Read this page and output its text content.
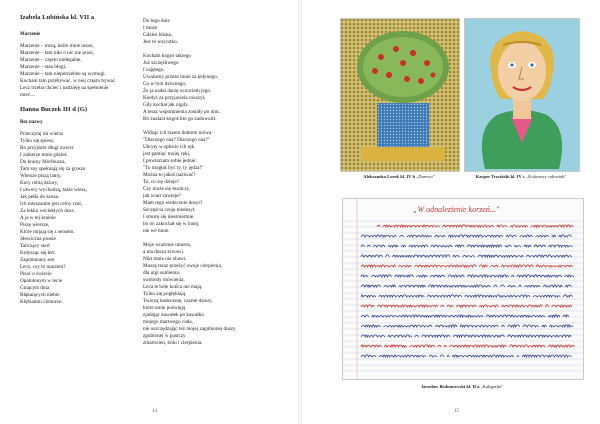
Izabela Lubińska kl. VII a
Marzenie
Marzenie – mrzą, które mnie unosi,
Marzenie – tam nikt o nic nie prosi,
Marzenie – często niełegalne,
Marzenie – stan błogi,
Marzenie – tam niepotrzebne są wymogi.
Kocham tam przebywać, w niej często bywać.
Lecz trzeba chcieć i nadzieję na spełnienie
mieć....
Hanna Buczek III d (G)
Bez nazwy
Przeczytaj mi wiersz
Tylko się spiesz,
Bo przyjdzie długi zwierz
I zabierze mnie gdzieś.
Do krainy Morfeusza,
Tam sny spełniają się za grosze.
Wiersze piszą lamy,
Kury robią dziury,
I utwory wychodzą, takie wiesz,
Jak pełki do koszu.
Ich mieszanim jest celny rzut,
Za lekko wściekłych dusz.
A ja w tej krainie
Piszę wiersze,
Które mijają się z sensem.
Słowiczna pionie
Tańczący sierl
Kołysząc się lerr.
Zapomniany sen
Lecz, czy to marzem?
Pisać o świecie
Opatulonym w lecie
Gniącym dnia
Błąkaiących niebie
Klębianmi chmurze.
Do tego dnie
I może
Gdzieś blisko,
Jest to wszystko.
Kocham kogoś takiego
Już szczęśliwego
I zajętego.
Uważamy przeze mnie za jedynego,
Co w tym dziwnego,
Że ja nadal darzę uczuciem jego.
Kiedyś za przyjaciela uważył,
Gdy kochał jak nigdy.
A teraz wspomnienia zostały po nim,
Bo znalazł kogoś kto go zadowolił.
Widząc ich razem dobrem mówa:
"Dlaczego ona? Dlaczego ona?"
Ukryty w spłocie ich ręk
jest pamięć mojej ręki,
I powtarzam sobie jednie:
"To mogłaś być ty, ty jędza!"
Można to jakoś naziwać?
To, co się dzieje?
Czy może się skończy,
jak wiatr zawieje?
Mam tego serdecznie dosyć!
Szczęścia czuję niedosyt.
I smucę się niesmiertnie.
bo on zakochał się w innej,
nie we mnie.
Moje wrażenie umiera,
a ma dusza krwawi.
Nikt mnie nie zbawi.
Muszę teraz przeżyć swoje cierpienia,
dla ulgi sumienia,
swobody mówienia.
Leca te bóle końca nie mają.
Tylko się pogłębiają.
Tworzą bankrosne, czarne dziury,
które mnie poświęją
zjadając kawałek po kawałku
mojego martwego ciała,
nie oszczędzając też mojej zagubionej duszy
zgubionej w pustczy
zmartwień, bólu i cierpienia.
14
Aleksandra Lorek kl. IV b „Drzewo"	Kacper Trzcińśki kl. IV c „Kolorowy człowiek"
„W odnalezienie korzeń..."
Jarosław Bednarowski kl. II a „Kaligrafia"
15
